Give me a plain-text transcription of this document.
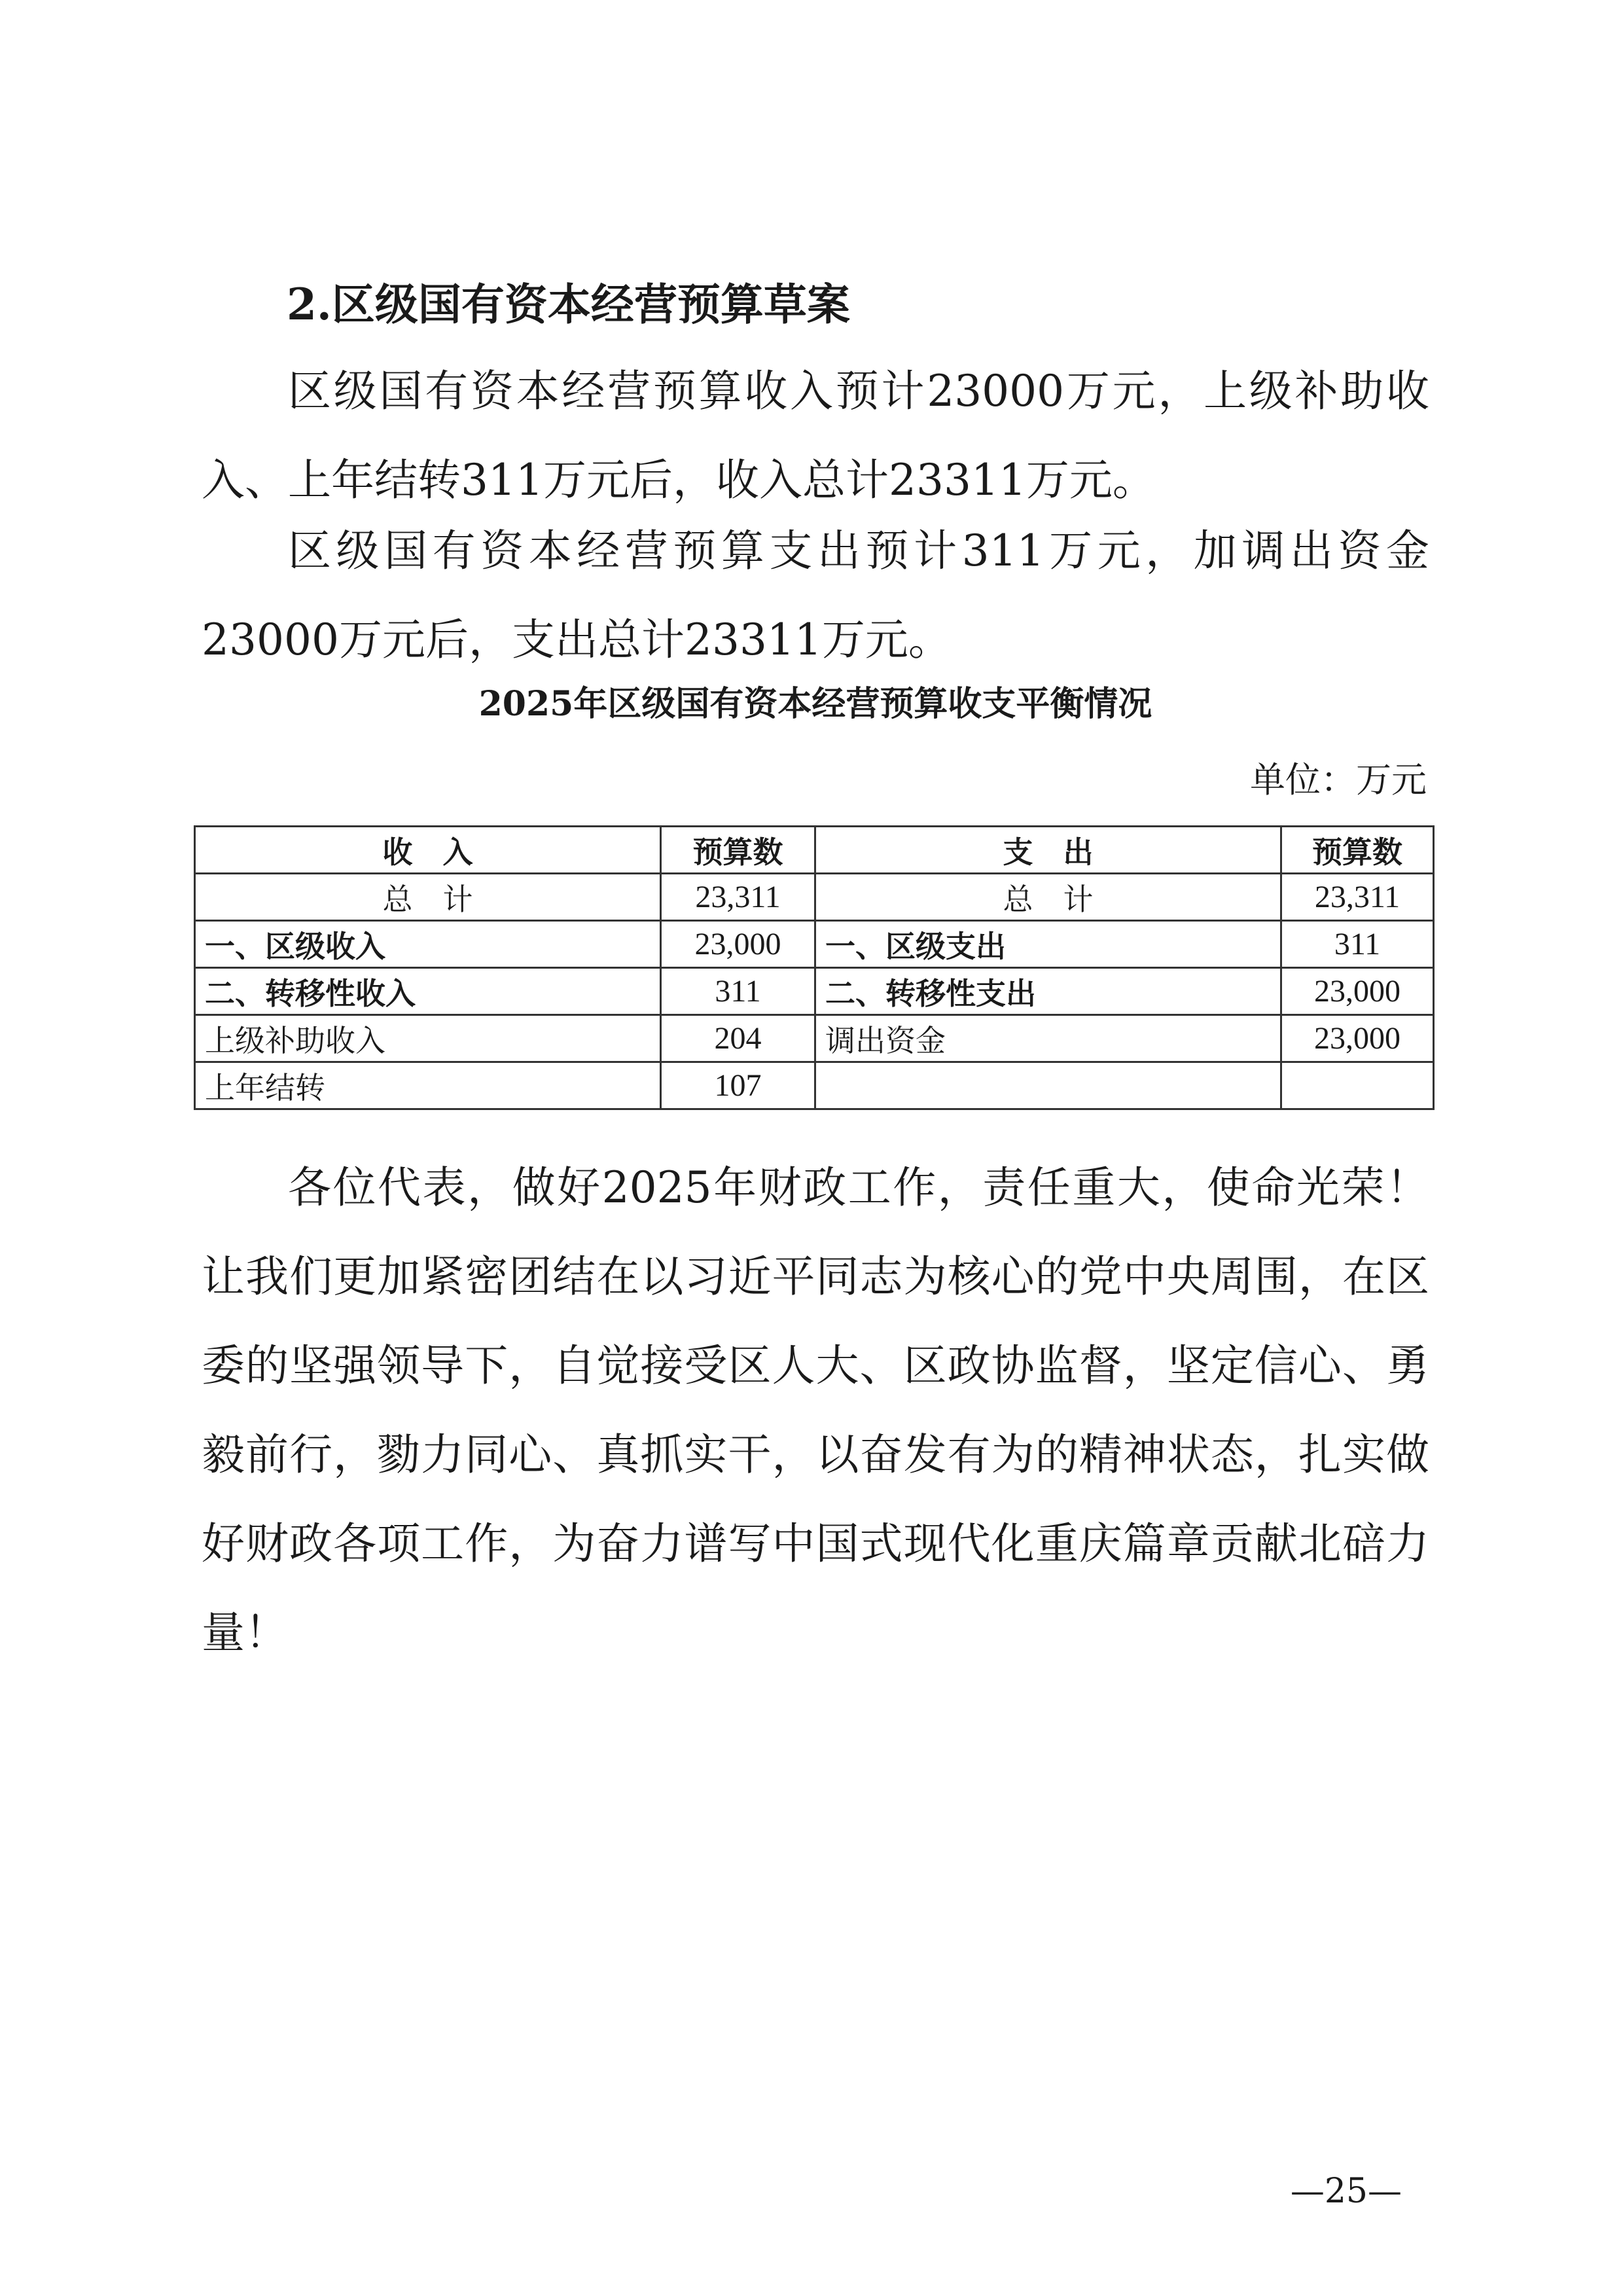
2.区级国有资本经营预算草案

区级国有资本经营预算收入预计23000万元，上级补助收入、上年结转311万元后，收入总计23311万元。

区级国有资本经营预算支出预计311万元，加调出资金23000万元后，支出总计23311万元。

2025年区级国有资本经营预算收支平衡情况
单位：万元
收　入	预算数	支　出	预算数
总　计	23,311	总　计	23,311
一、区级收入	23,000	一、区级支出	311
二、转移性收入	311	二、转移性支出	23,000
上级补助收入	204	调出资金	23,000
上年结转	107		

各位代表，做好2025年财政工作，责任重大，使命光荣！让我们更加紧密团结在以习近平同志为核心的党中央周围，在区委的坚强领导下，自觉接受区人大、区政协监督，坚定信心、勇毅前行，勠力同心、真抓实干，以奋发有为的精神状态，扎实做好财政各项工作，为奋力谱写中国式现代化重庆篇章贡献北碚力量！

—25—
